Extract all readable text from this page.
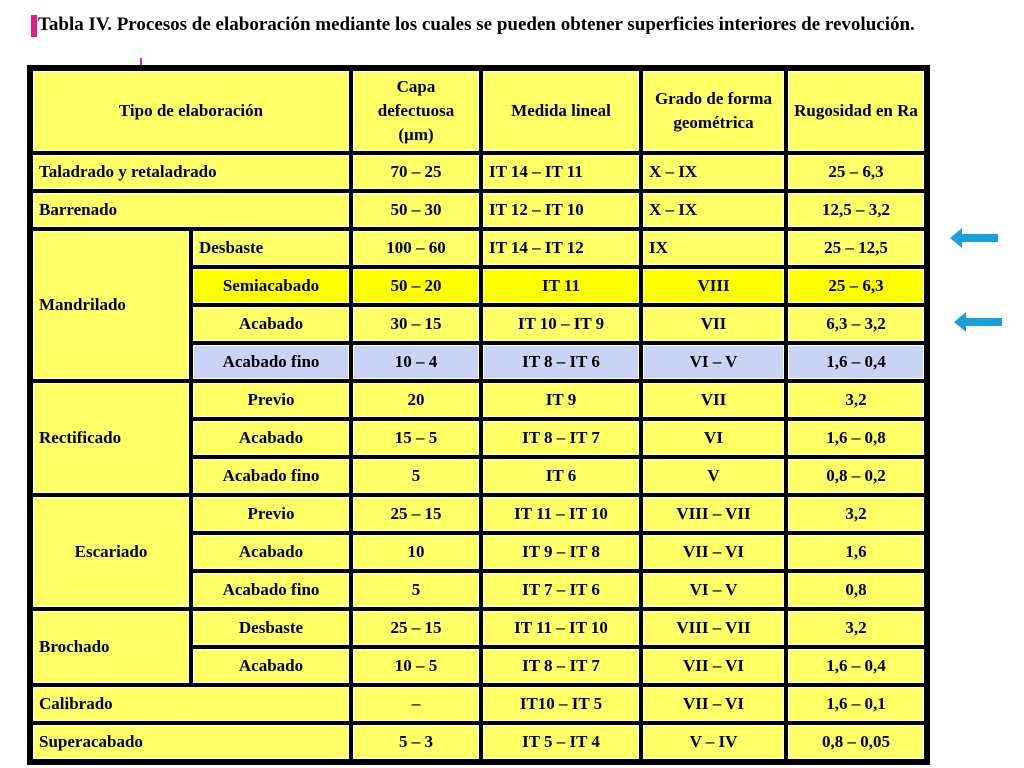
Tabla IV. Procesos de elaboración mediante los cuales se pueden obtener superficies interiores de revolución.
Tipo de elaboración		Capa defectuosa (µm)	Medida lineal	Grado de forma geométrica	Rugosidad en Ra
Taladrado y retaladrado		70 – 25	IT 14 – IT 11	X – IX	25 – 6,3
Barrenado		50 – 30	IT 12 – IT 10	X – IX	12,5 – 3,2
Mandrilado	Desbaste	100 – 60	IT 14 – IT 12	IX	25 – 12,5
	Semiacabado	50 – 20	IT 11	VIII	25 – 6,3
	Acabado	30 – 15	IT 10 – IT 9	VII	6,3 – 3,2
	Acabado fino	10 – 4	IT 8 – IT 6	VI – V	1,6 – 0,4
Rectificado	Previo	20	IT 9	VII	3,2
	Acabado	15 – 5	IT 8 – IT 7	VI	1,6 – 0,8
	Acabado fino	5	IT 6	V	0,8 – 0,2
Escariado	Previo	25 – 15	IT 11 – IT 10	VIII – VII	3,2
	Acabado	10	IT 9 – IT 8	VII – VI	1,6
	Acabado fino	5	IT 7 – IT 6	VI – V	0,8
Brochado	Desbaste	25 – 15	IT 11 – IT 10	VIII – VII	3,2
	Acabado	10 – 5	IT 8 – IT 7	VII – VI	1,6 – 0,4
Calibrado		–	IT10 – IT 5	VII – VI	1,6 – 0,1
Superacabado		5 – 3	IT 5 – IT 4	V – IV	0,8 – 0,05
